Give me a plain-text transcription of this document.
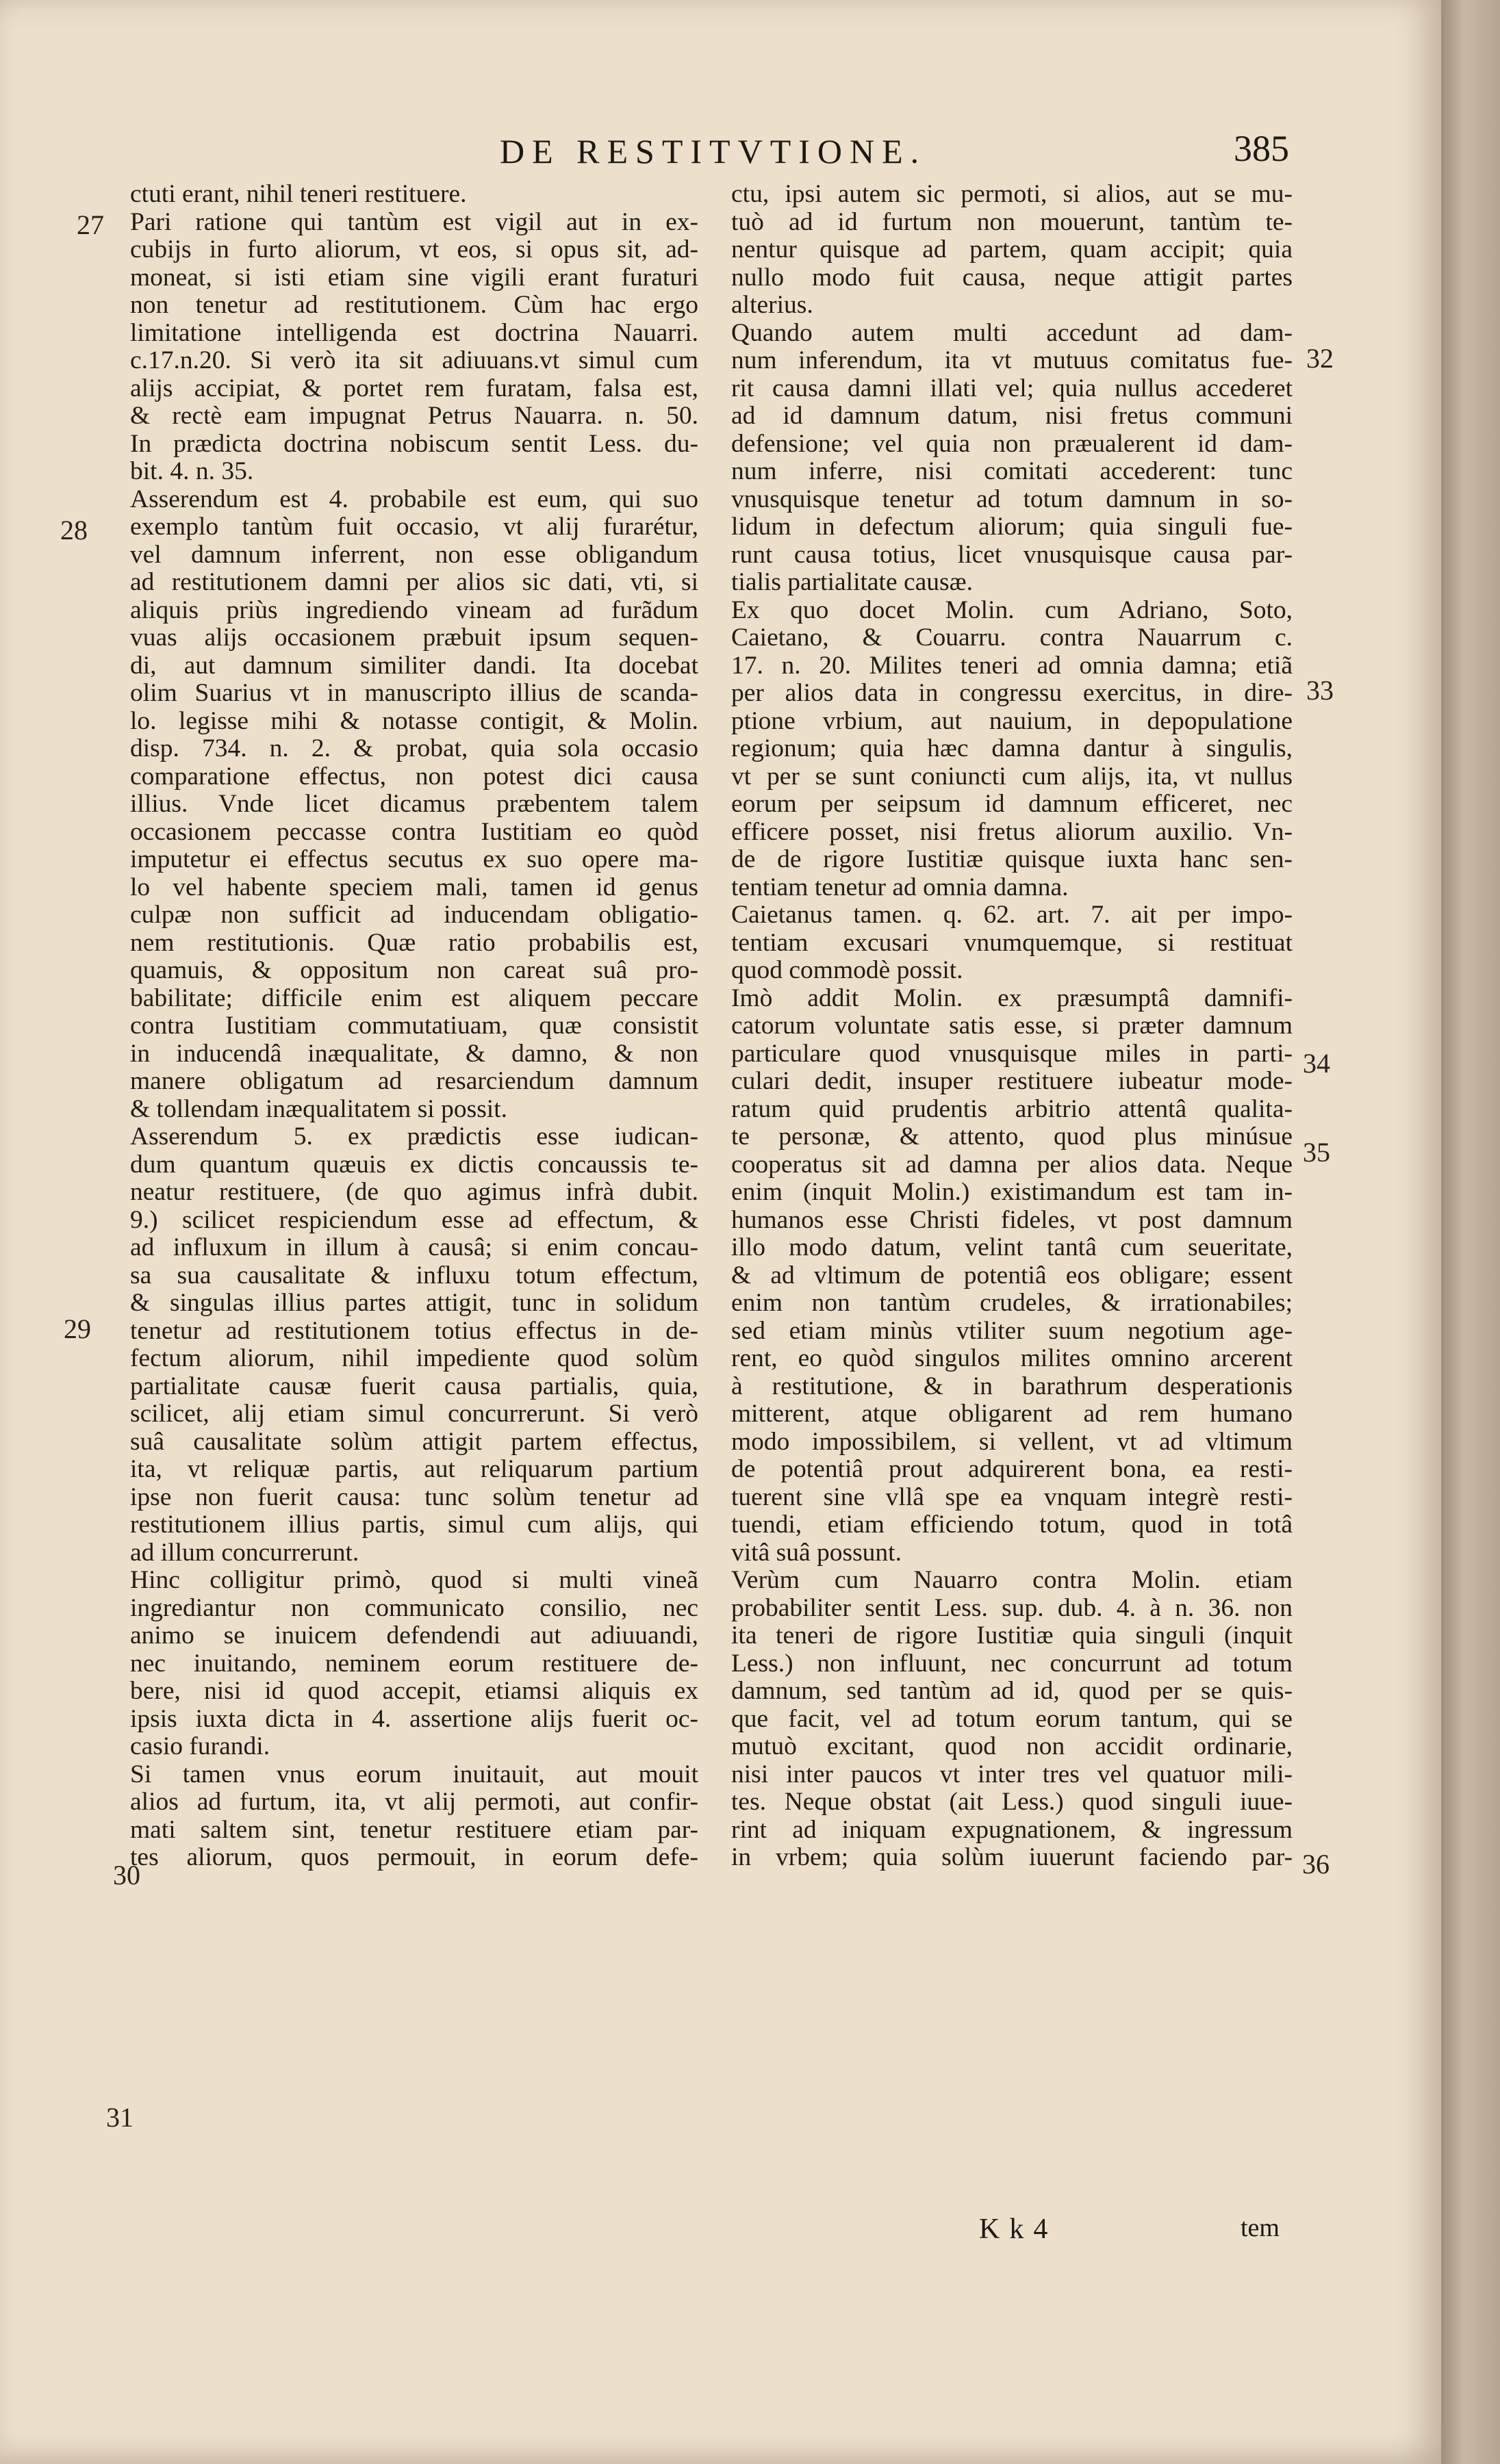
DE RESTITVTIONE.	385
ctuti erant, nihil teneri restituere.
Pari ratione qui tantùm est vigil aut in ex-
cubijs in furto aliorum, vt eos, si opus sit, ad-
moneat, si isti etiam sine vigili erant furaturi
non tenetur ad restitutionem. Cùm hac ergo
limitatione intelligenda est doctrina Nauarri.
c.17.n.20. Si verò ita sit adiuuans.vt simul cum
alijs accipiat, & portet rem furatam, falsa est,
& rectè eam impugnat Petrus Nauarra. n. 50.
In prædicta doctrina nobiscum sentit Less. du-
bit. 4. n. 35.
Asserendum est 4. probabile est eum, qui suo
exemplo tantùm fuit occasio, vt alij furarétur,
vel damnum inferrent, non esse obligandum
ad restitutionem damni per alios sic dati, vti, si
aliquis priùs ingrediendo vineam ad furãdum
vuas alijs occasionem præbuit ipsum sequen-
di, aut damnum similiter dandi. Ita docebat
olim Suarius vt in manuscripto illius de scanda-
lo. legisse mihi & notasse contigit, & Molin.
disp. 734. n. 2. & probat, quia sola occasio
comparatione effectus, non potest dici causa
illius. Vnde licet dicamus præbentem talem
occasionem peccasse contra Iustitiam eo quòd
imputetur ei effectus secutus ex suo opere ma-
lo vel habente speciem mali, tamen id genus
culpæ non sufficit ad inducendam obligatio-
nem restitutionis. Quæ ratio probabilis est,
quamuis, & oppositum non careat suâ pro-
babilitate; difficile enim est aliquem peccare
contra Iustitiam commutatiuam, quæ consistit
in inducendâ inæqualitate, & damno, & non
manere obligatum ad resarciendum damnum
& tollendam inæqualitatem si possit.
Asserendum 5. ex prædictis esse iudican-
dum quantum quæuis ex dictis concaussis te-
neatur restituere, (de quo agimus infrà dubit.
9.) scilicet respiciendum esse ad effectum, &
ad influxum in illum à causâ; si enim concau-
sa sua causalitate & influxu totum effectum,
& singulas illius partes attigit, tunc in solidum
tenetur ad restitutionem totius effectus in de-
fectum aliorum, nihil impediente quod solùm
partialitate causæ fuerit causa partialis, quia,
scilicet, alij etiam simul concurrerunt. Si verò
suâ causalitate solùm attigit partem effectus,
ita, vt reliquæ partis, aut reliquarum partium
ipse non fuerit causa: tunc solùm tenetur ad
restitutionem illius partis, simul cum alijs, qui
ad illum concurrerunt.
Hinc colligitur primò, quod si multi vineã
ingrediantur non communicato consilio, nec
animo se inuicem defendendi aut adiuuandi,
nec inuitando, neminem eorum restituere de-
bere, nisi id quod accepit, etiamsi aliquis ex
ipsis iuxta dicta in 4. assertione alijs fuerit oc-
casio furandi.
Si tamen vnus eorum inuitauit, aut mouit
alios ad furtum, ita, vt alij permoti, aut confir-
mati saltem sint, tenetur restituere etiam par-
tes aliorum, quos permouit, in eorum defe-
ctu, ipsi autem sic permoti, si alios, aut se mu-
tuò ad id furtum non mouerunt, tantùm te-
nentur quisque ad partem, quam accipit; quia
nullo modo fuit causa, neque attigit partes
alterius.
Quando autem multi accedunt ad dam-
num inferendum, ita vt mutuus comitatus fue-
rit causa damni illati vel; quia nullus accederet
ad id damnum datum, nisi fretus communi
defensione; vel quia non præualerent id dam-
num inferre, nisi comitati accederent: tunc
vnusquisque tenetur ad totum damnum in so-
lidum in defectum aliorum; quia singuli fue-
runt causa totius, licet vnusquisque causa par-
tialis partialitate causæ.
Ex quo docet Molin. cum Adriano, Soto,
Caietano, & Couarru. contra Nauarrum c.
17. n. 20. Milites teneri ad omnia damna; etiã
per alios data in congressu exercitus, in dire-
ptione vrbium, aut nauium, in depopulatione
regionum; quia hæc damna dantur à singulis,
vt per se sunt coniuncti cum alijs, ita, vt nullus
eorum per seipsum id damnum efficeret, nec
efficere posset, nisi fretus aliorum auxilio. Vn-
de de rigore Iustitiæ quisque iuxta hanc sen-
tentiam tenetur ad omnia damna.
Caietanus tamen. q. 62. art. 7. ait per impo-
tentiam excusari vnumquemque, si restituat
quod commodè possit.
Imò addit Molin. ex præsumptâ damnifi-
catorum voluntate satis esse, si præter damnum
particulare quod vnusquisque miles in parti-
culari dedit, insuper restituere iubeatur mode-
ratum quid prudentis arbitrio attentâ qualita-
te personæ, & attento, quod plus minúsue
cooperatus sit ad damna per alios data. Neque
enim (inquit Molin.) existimandum est tam in-
humanos esse Christi fideles, vt post damnum
illo modo datum, velint tantâ cum seueritate,
& ad vltimum de potentiâ eos obligare; essent
enim non tantùm crudeles, & irrationabiles;
sed etiam minùs vtiliter suum negotium age-
rent, eo quòd singulos milites omnino arcerent
à restitutione, & in barathrum desperationis
mitterent, atque obligarent ad rem humano
modo impossibilem, si vellent, vt ad vltimum
de potentiâ prout adquirerent bona, ea resti-
tuerent sine vllâ spe ea vnquam integrè resti-
tuendi, etiam efficiendo totum, quod in totâ
vitâ suâ possunt.
Verùm cum Nauarro contra Molin. etiam
probabiliter sentit Less. sup. dub. 4. à n. 36. non
ita teneri de rigore Iustitiæ quia singuli (inquit
Less.) non influunt, nec concurrunt ad totum
damnum, sed tantùm ad id, quod per se quis-
que facit, vel ad totum eorum tantum, qui se
mutuò excitant, quod non accidit ordinarie,
nisi inter paucos vt inter tres vel quatuor mili-
tes. Neque obstat (ait Less.) quod singuli iuue-
rint ad iniquam expugnationem, & ingressum
in vrbem; quia solùm iuuerunt faciendo par-
27
28
29
30
31
32
33
34
35
36
Kk4	tem
